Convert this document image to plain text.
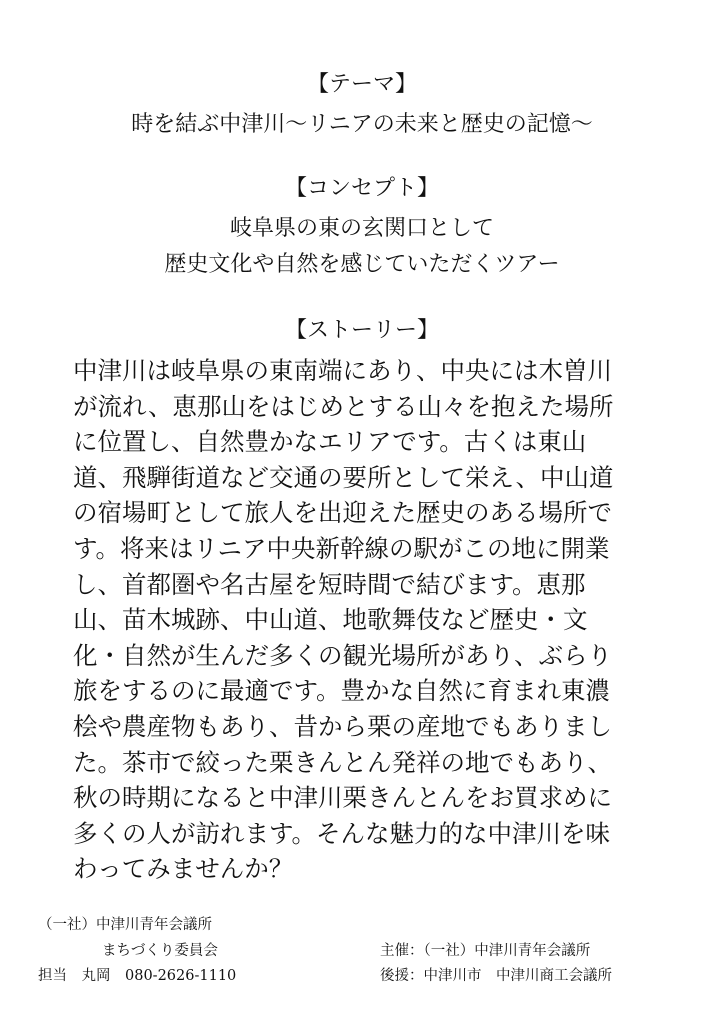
【テーマ】
時を結ぶ中津川～リニアの未来と歴史の記憶～
【コンセプト】
岐阜県の東の玄関口として
歴史文化や自然を感じていただくツアー
【ストーリー】
中津川は岐阜県の東南端にあり、中央には木曽川
が流れ、恵那山をはじめとする山々を抱えた場所
に位置し、自然豊かなエリアです。古くは東山
道、飛騨街道など交通の要所として栄え、中山道
の宿場町として旅人を出迎えた歴史のある場所で
す。将来はリニア中央新幹線の駅がこの地に開業
し、首都圏や名古屋を短時間で結びます。恵那
山、苗木城跡、中山道、地歌舞伎など歴史・文
化・自然が生んだ多くの観光場所があり、ぶらり
旅をするのに最適です。豊かな自然に育まれ東濃
桧や農産物もあり、昔から栗の産地でもありまし
た。茶市で絞った栗きんとん発祥の地でもあり、
秋の時期になると中津川栗きんとんをお買求めに
多くの人が訪れます。そんな魅力的な中津川を味
わってみませんか？
（一社）中津川青年会議所
まちづくり委員会
担当　丸岡　080-2626-1110
主催：（一社）中津川青年会議所
後援：中津川市　中津川商工会議所
